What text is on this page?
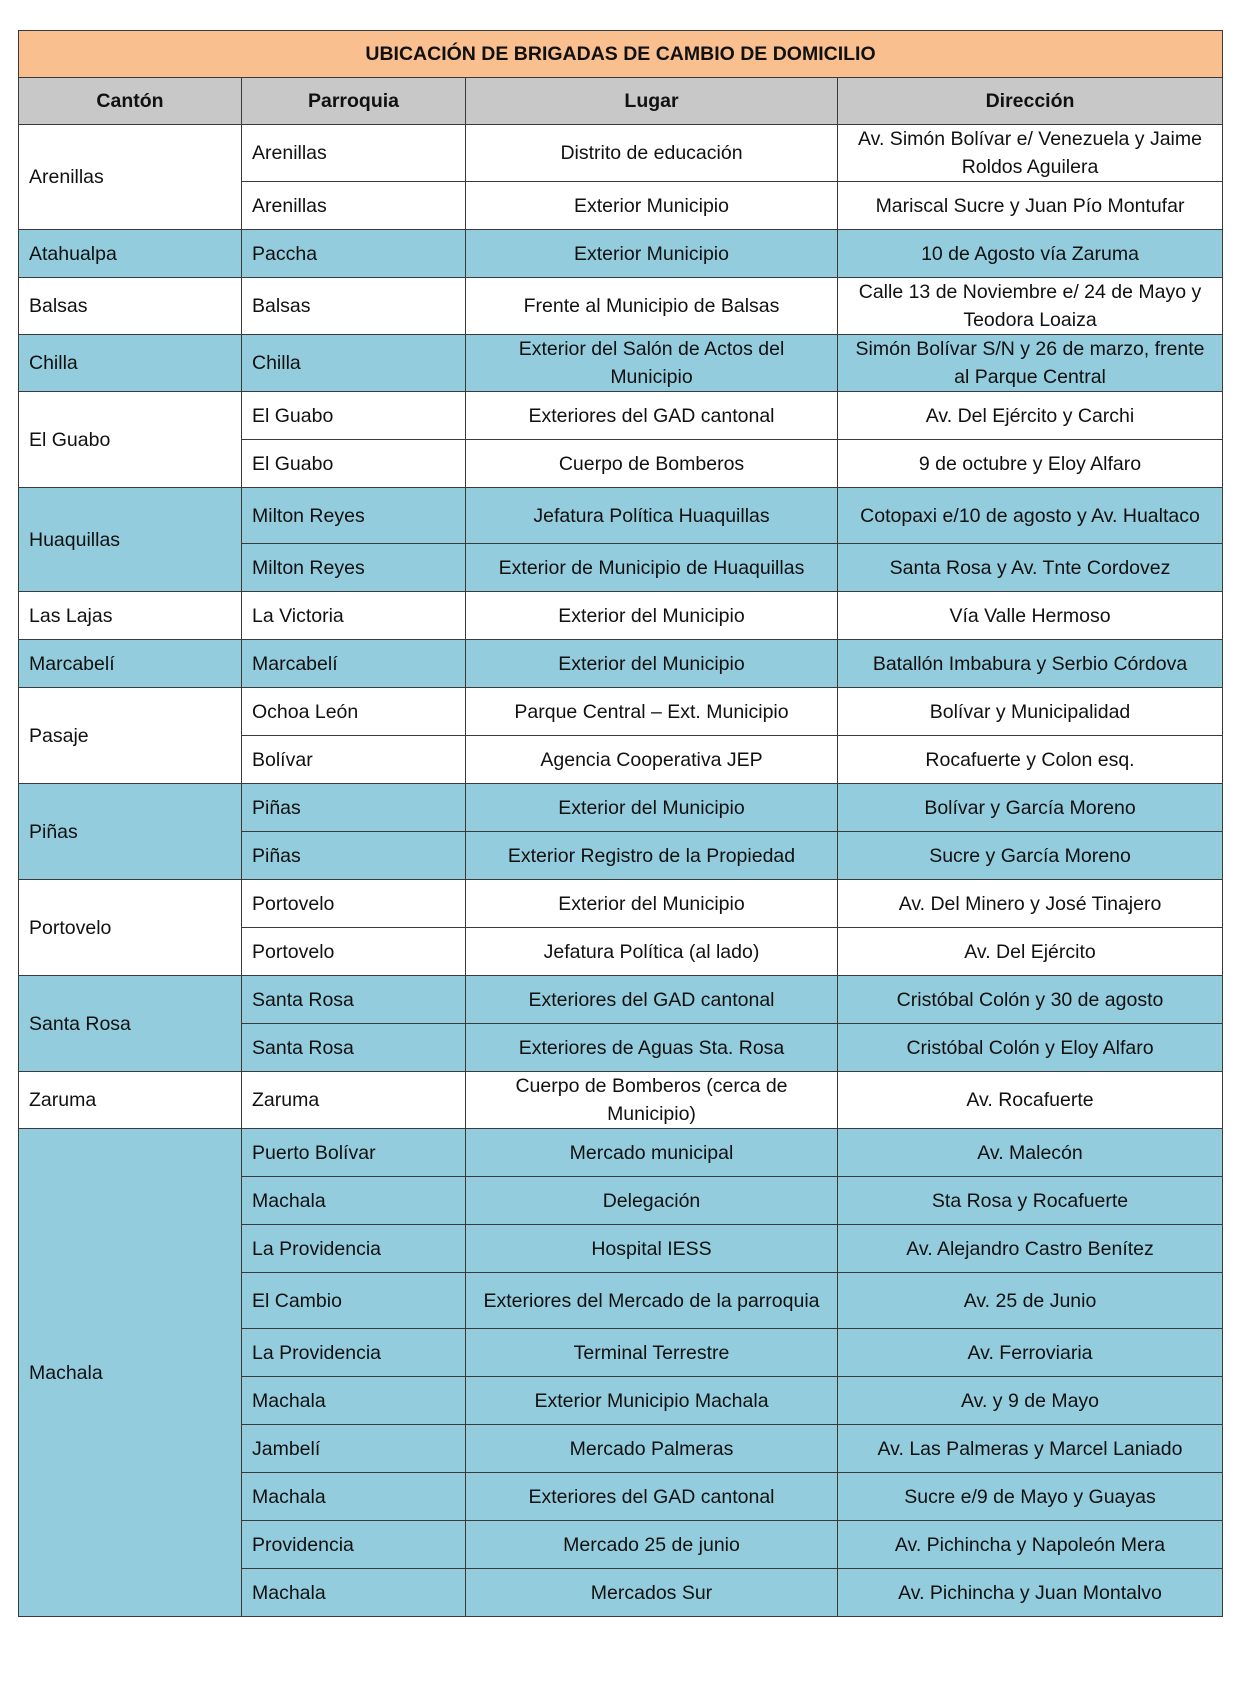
UBICACIÓN DE BRIGADAS DE CAMBIO DE DOMICILIO			
Cantón	Parroquia	Lugar	Dirección
Arenillas	Arenillas	Distrito de educación	Av. Simón Bolívar e/ Venezuela y Jaime Roldos Aguilera
	Arenillas	Exterior Municipio	Mariscal Sucre y Juan Pío Montufar
Atahualpa	Paccha	Exterior Municipio	10 de Agosto vía Zaruma
Balsas	Balsas	Frente al Municipio de Balsas	Calle 13 de Noviembre e/ 24 de Mayo y Teodora Loaiza
Chilla	Chilla	Exterior del Salón de Actos del Municipio	Simón Bolívar S/N y 26 de marzo, frente al Parque Central
El Guabo	El Guabo	Exteriores del GAD cantonal	Av. Del Ejército y Carchi
	El Guabo	Cuerpo de Bomberos	9 de octubre y Eloy Alfaro
Huaquillas	Milton Reyes	Jefatura Política Huaquillas	Cotopaxi e/10 de agosto y Av. Hualtaco
	Milton Reyes	Exterior de Municipio de Huaquillas	Santa Rosa y Av. Tnte Cordovez
Las Lajas	La Victoria	Exterior del Municipio	Vía Valle Hermoso
Marcabelí	Marcabelí	Exterior del Municipio	Batallón Imbabura y Serbio Córdova
Pasaje	Ochoa León	Parque Central – Ext. Municipio	Bolívar y Municipalidad
	Bolívar	Agencia Cooperativa JEP	Rocafuerte y Colon esq.
Piñas	Piñas	Exterior del Municipio	Bolívar y García Moreno
	Piñas	Exterior Registro de la Propiedad	Sucre y García Moreno
Portovelo	Portovelo	Exterior del Municipio	Av. Del Minero y José Tinajero
	Portovelo	Jefatura Política (al lado)	Av. Del Ejército
Santa Rosa	Santa Rosa	Exteriores del GAD cantonal	Cristóbal Colón y 30 de agosto
	Santa Rosa	Exteriores de Aguas Sta. Rosa	Cristóbal Colón y Eloy Alfaro
Zaruma	Zaruma	Cuerpo de Bomberos (cerca de Municipio)	Av. Rocafuerte
Machala	Puerto Bolívar	Mercado municipal	Av. Malecón
	Machala	Delegación	Sta Rosa y Rocafuerte
	La Providencia	Hospital IESS	Av. Alejandro Castro Benítez
	El Cambio	Exteriores del Mercado de la parroquia	Av. 25 de Junio
	La Providencia	Terminal Terrestre	Av. Ferroviaria
	Machala	Exterior Municipio Machala	Av. y 9 de Mayo
	Jambelí	Mercado Palmeras	Av. Las Palmeras y Marcel Laniado
	Machala	Exteriores del GAD cantonal	Sucre e/9 de Mayo y Guayas
	Providencia	Mercado 25 de junio	Av. Pichincha y Napoleón Mera
	Machala	Mercados Sur	Av. Pichincha y Juan Montalvo
